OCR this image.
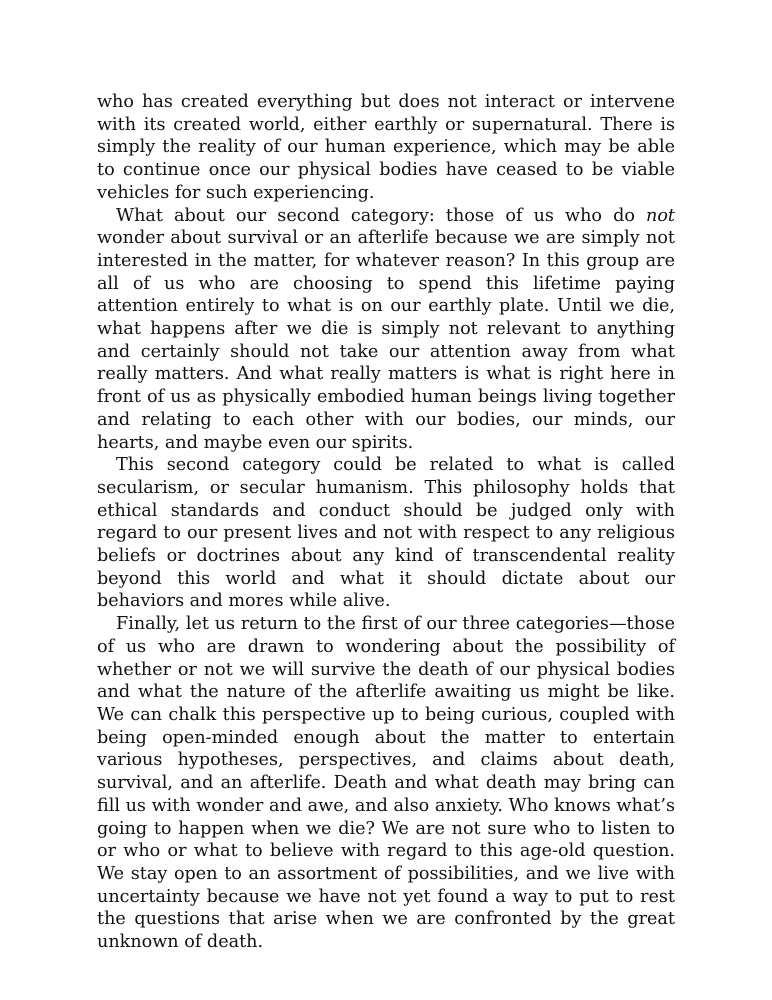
who has created everything but does not interact or intervene with its created world, either earthly or supernatural. There is simply the reality of our human experience, which may be able to continue once our physical bodies have ceased to be viable vehicles for such experiencing.

What about our second category: those of us who do not wonder about survival or an afterlife because we are simply not interested in the matter, for whatever reason? In this group are all of us who are choosing to spend this lifetime paying attention entirely to what is on our earthly plate. Until we die, what happens after we die is simply not relevant to anything and certainly should not take our attention away from what really matters. And what really matters is what is right here in front of us as physically embodied human beings living together and relating to each other with our bodies, our minds, our hearts, and maybe even our spirits.

This second category could be related to what is called secularism, or secular humanism. This philosophy holds that ethical standards and conduct should be judged only with regard to our present lives and not with respect to any religious beliefs or doctrines about any kind of transcendental reality beyond this world and what it should dictate about our behaviors and mores while alive.

Finally, let us return to the first of our three categories—those of us who are drawn to wondering about the possibility of whether or not we will survive the death of our physical bodies and what the nature of the afterlife awaiting us might be like. We can chalk this perspective up to being curious, coupled with being open-minded enough about the matter to entertain various hypotheses, perspectives, and claims about death, survival, and an afterlife. Death and what death may bring can fill us with wonder and awe, and also anxiety. Who knows what’s going to happen when we die? We are not sure who to listen to or who or what to believe with regard to this age-old question. We stay open to an assortment of possibilities, and we live with uncertainty because we have not yet found a way to put to rest the questions that arise when we are confronted by the great unknown of death.
